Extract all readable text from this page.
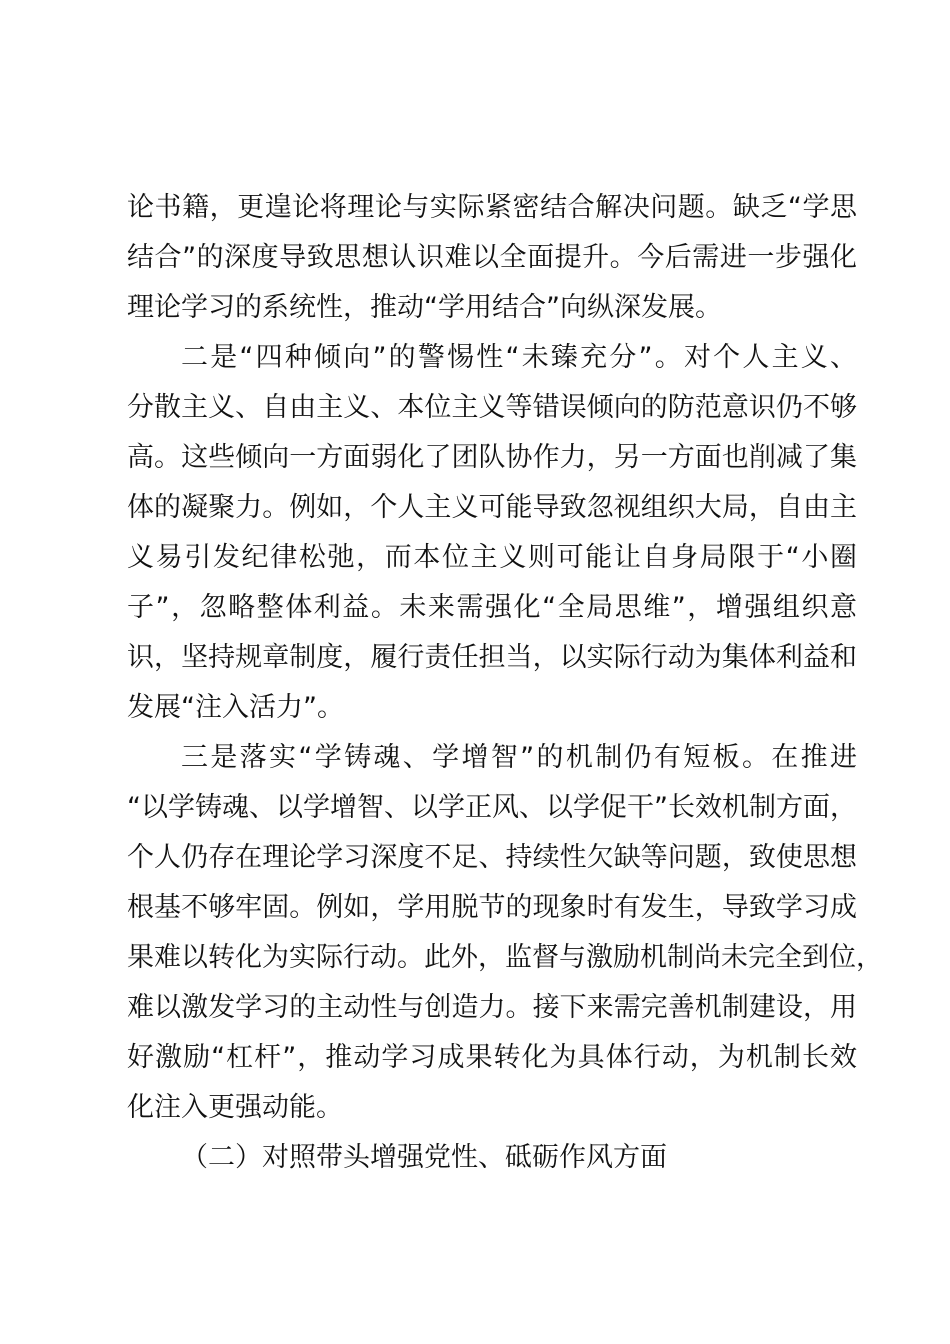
论书籍，更遑论将理论与实际紧密结合解决问题。缺乏“学思
结合”的深度导致思想认识难以全面提升。今后需进一步强化
理论学习的系统性，推动“学用结合”向纵深发展。
二是“四种倾向”的警惕性“未臻充分”。对个人主义、
分散主义、自由主义、本位主义等错误倾向的防范意识仍不够
高。这些倾向一方面弱化了团队协作力，另一方面也削减了集
体的凝聚力。例如，个人主义可能导致忽视组织大局，自由主
义易引发纪律松弛，而本位主义则可能让自身局限于“小圈
子”，忽略整体利益。未来需强化“全局思维”，增强组织意
识，坚持规章制度，履行责任担当，以实际行动为集体利益和
发展“注入活力”。
三是落实“学铸魂、学增智”的机制仍有短板。在推进
“以学铸魂、以学增智、以学正风、以学促干”长效机制方面，
个人仍存在理论学习深度不足、持续性欠缺等问题，致使思想
根基不够牢固。例如，学用脱节的现象时有发生，导致学习成
果难以转化为实际行动。此外，监督与激励机制尚未完全到位，
难以激发学习的主动性与创造力。接下来需完善机制建设，用
好激励“杠杆”，推动学习成果转化为具体行动，为机制长效
化注入更强动能。
（二）对照带头增强党性、砥砺作风方面
